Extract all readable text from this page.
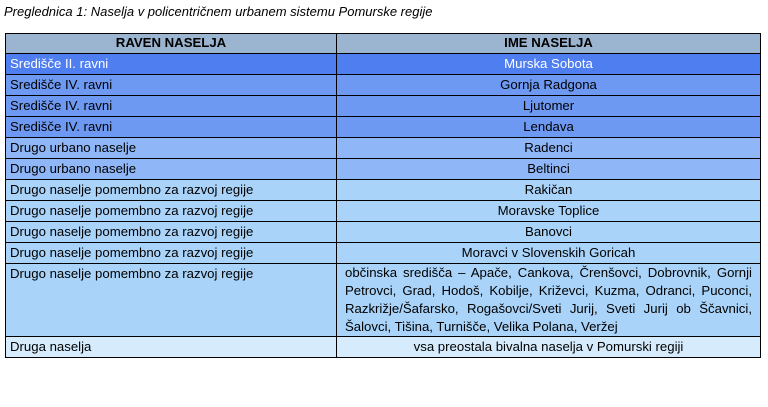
Preglednica 1: Naselja v policentričnem urbanem sistemu Pomurske regije
RAVEN NASELJA	IME NASELJA
Središče II. ravni	Murska Sobota
Središče IV. ravni	Gornja Radgona
Središče IV. ravni	Ljutomer
Središče IV. ravni	Lendava
Drugo urbano naselje	Radenci
Drugo urbano naselje	Beltinci
Drugo naselje pomembno za razvoj regije	Rakičan
Drugo naselje pomembno za razvoj regije	Moravske Toplice
Drugo naselje pomembno za razvoj regije	Banovci
Drugo naselje pomembno za razvoj regije	Moravci v Slovenskih Goricah
Drugo naselje pomembno za razvoj regije	občinska središča – Apače, Cankova, Črenšovci, Dobrovnik, Gornji Petrovci, Grad, Hodoš, Kobilje, Križevci, Kuzma, Odranci, Puconci, Razkrižje/Šafarsko, Rogašovci/Sveti Jurij, Sveti Jurij ob Ščavnici, Šalovci, Tišina, Turnišče, Velika Polana, Veržej
Druga naselja	vsa preostala bivalna naselja v Pomurski regiji
